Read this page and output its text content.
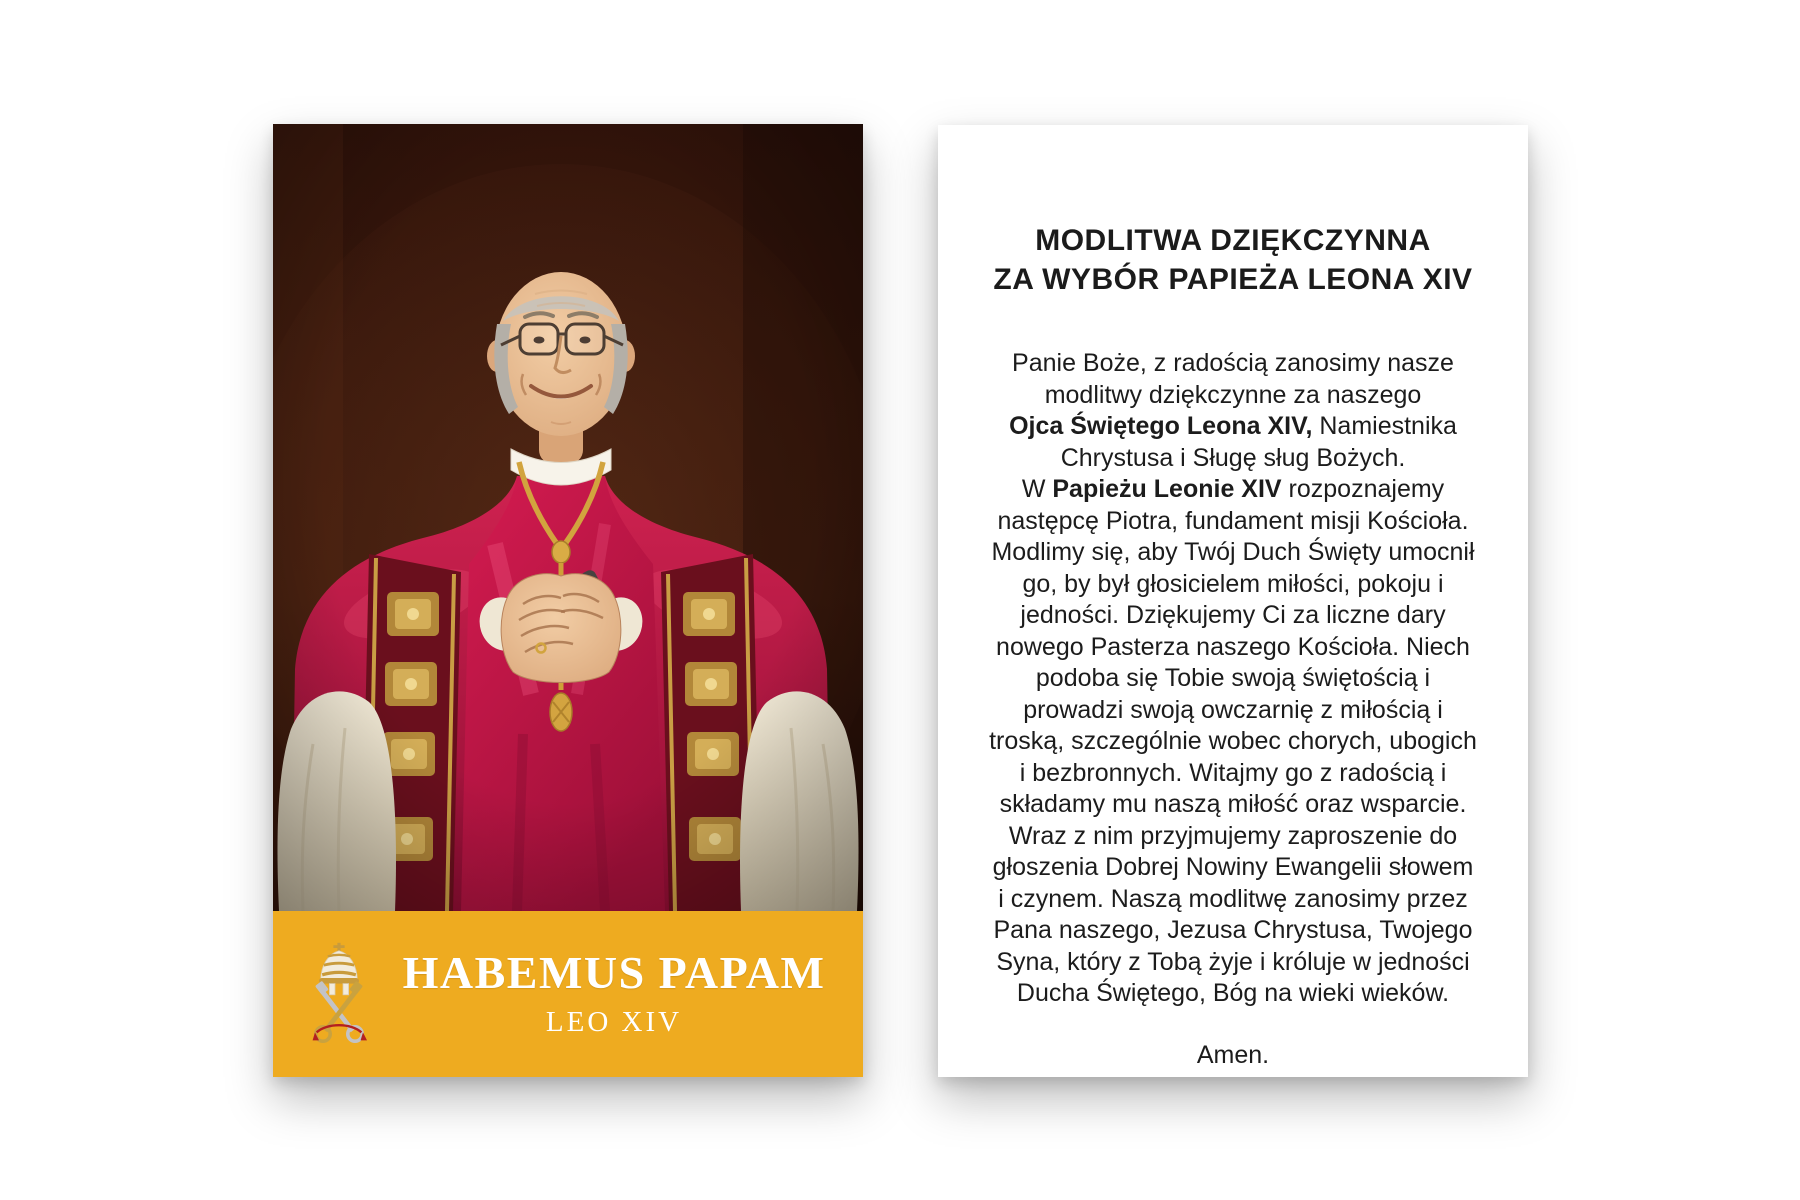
HABEMUS PAPAM
LEO XIV
MODLITWA DZIĘKCZYNNA
ZA WYBÓR PAPIEŻA LEONA XIV
Panie Boże, z radością zanosimy nasze
modlitwy dziękczynne za naszego
Ojca Świętego Leona XIV, Namiestnika
Chrystusa i Sługę sług Bożych.
W Papieżu Leonie XIV rozpoznajemy
następcę Piotra, fundament misji Kościoła.
Modlimy się, aby Twój Duch Święty umocnił
go, by był głosicielem miłości, pokoju i
jedności. Dziękujemy Ci za liczne dary
nowego Pasterza naszego Kościoła. Niech
podoba się Tobie swoją świętością i
prowadzi swoją owczarnię z miłością i
troską, szczególnie wobec chorych, ubogich
i bezbronnych. Witajmy go z radością i
składamy mu naszą miłość oraz wsparcie.
Wraz z nim przyjmujemy zaproszenie do
głoszenia Dobrej Nowiny Ewangelii słowem
i czynem. Naszą modlitwę zanosimy przez
Pana naszego, Jezusa Chrystusa, Twojego
Syna, który z Tobą żyje i króluje w jedności
Ducha Świętego, Bóg na wieki wieków.
Amen.
